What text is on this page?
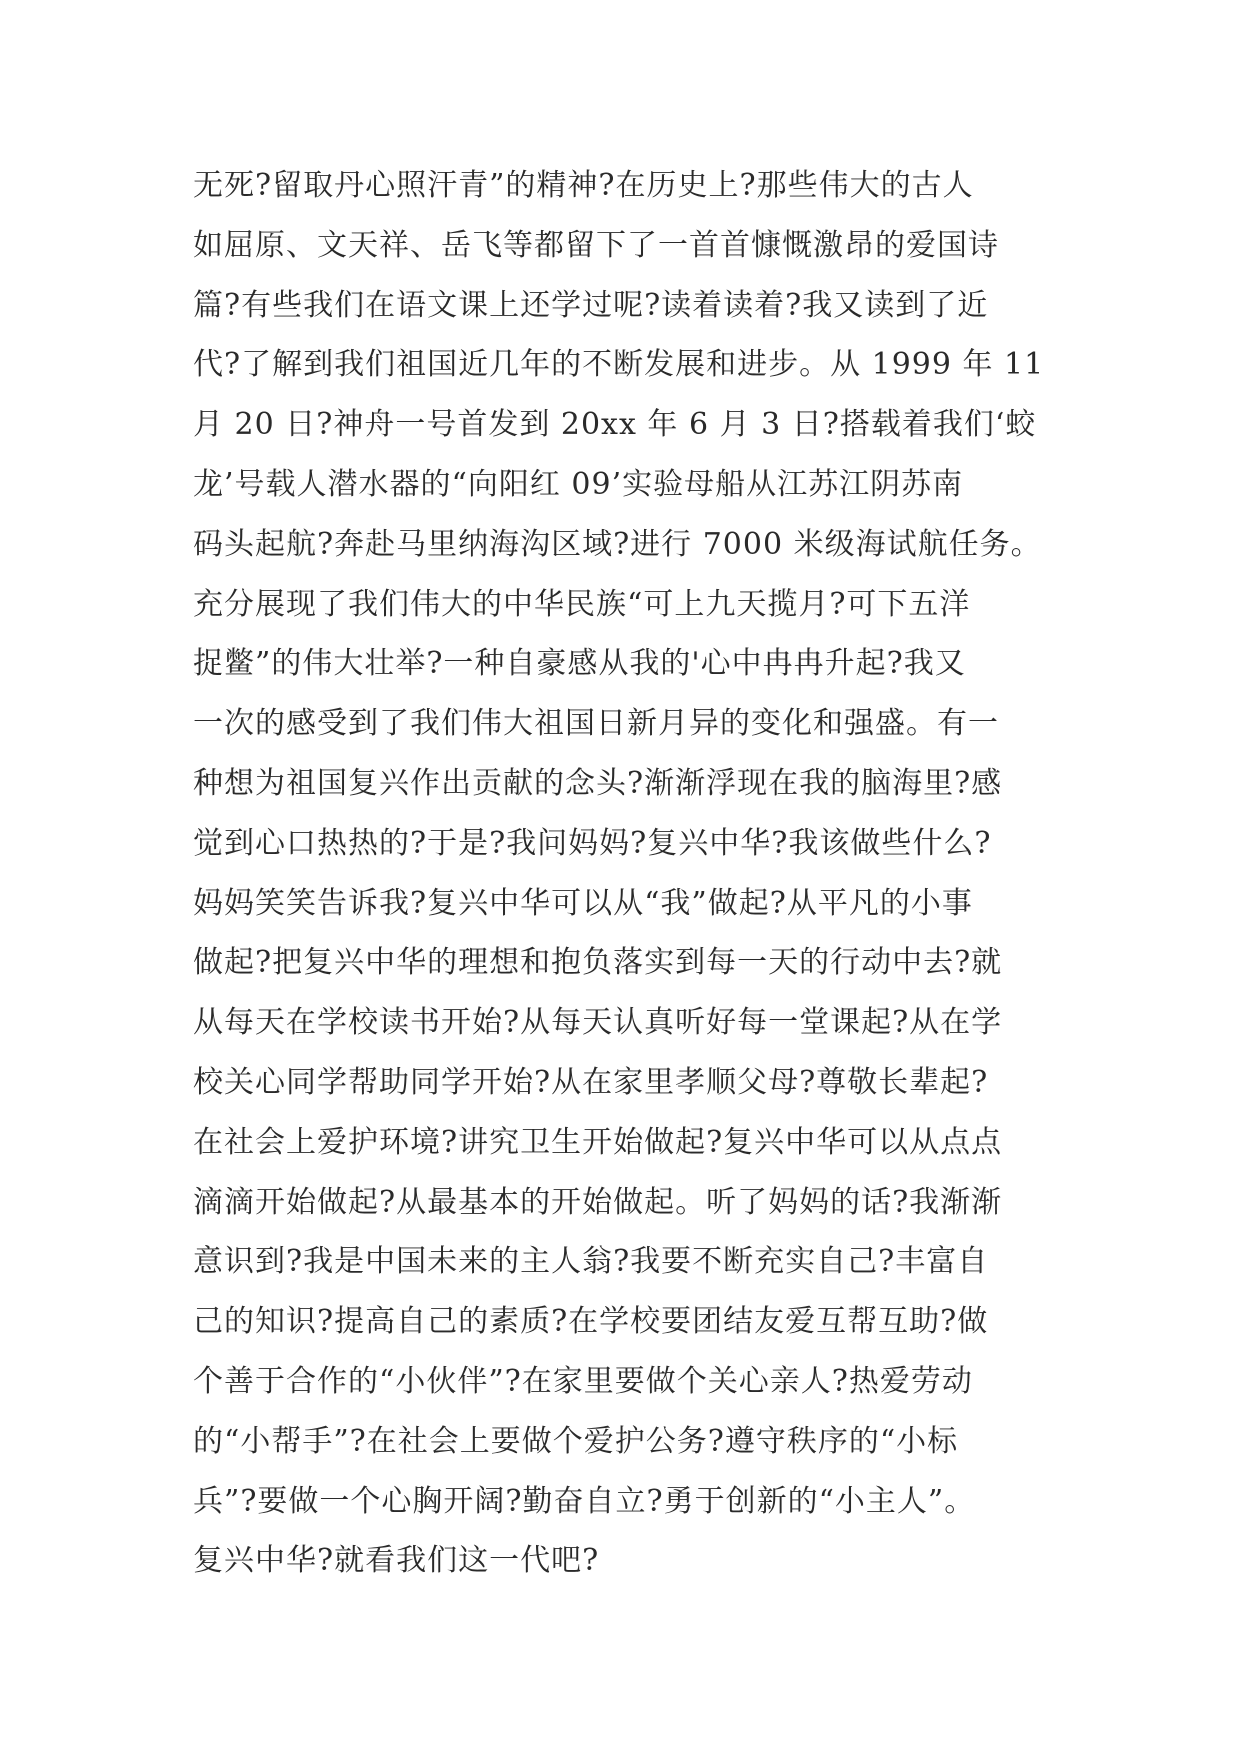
无死?留取丹心照汗青”的精神?在历史上?那些伟大的古人
如屈原、文天祥、岳飞等都留下了一首首慷慨激昂的爱国诗
篇?有些我们在语文课上还学过呢?读着读着?我又读到了近
代?了解到我们祖国近几年的不断发展和进步。从 1999 年 11
月 20 日?神舟一号首发到 20xx 年 6 月 3 日?搭载着我们‘蛟
龙’号载人潜水器的“向阳红 09’实验母船从江苏江阴苏南
码头起航?奔赴马里纳海沟区域?进行 7000 米级海试航任务。
充分展现了我们伟大的中华民族“可上九天揽月?可下五洋
捉鳖”的伟大壮举?一种自豪感从我的'心中冉冉升起?我又
一次的感受到了我们伟大祖国日新月异的变化和强盛。有一
种想为祖国复兴作出贡献的念头?渐渐浮现在我的脑海里?感
觉到心口热热的?于是?我问妈妈?复兴中华?我该做些什么?
妈妈笑笑告诉我?复兴中华可以从“我”做起?从平凡的小事
做起?把复兴中华的理想和抱负落实到每一天的行动中去?就
从每天在学校读书开始?从每天认真听好每一堂课起?从在学
校关心同学帮助同学开始?从在家里孝顺父母?尊敬长辈起?
在社会上爱护环境?讲究卫生开始做起?复兴中华可以从点点
滴滴开始做起?从最基本的开始做起。听了妈妈的话?我渐渐
意识到?我是中国未来的主人翁?我要不断充实自己?丰富自
己的知识?提高自己的素质?在学校要团结友爱互帮互助?做
个善于合作的“小伙伴”?在家里要做个关心亲人?热爱劳动
的“小帮手”?在社会上要做个爱护公务?遵守秩序的“小标
兵”?要做一个心胸开阔?勤奋自立?勇于创新的“小主人”。
复兴中华?就看我们这一代吧?
